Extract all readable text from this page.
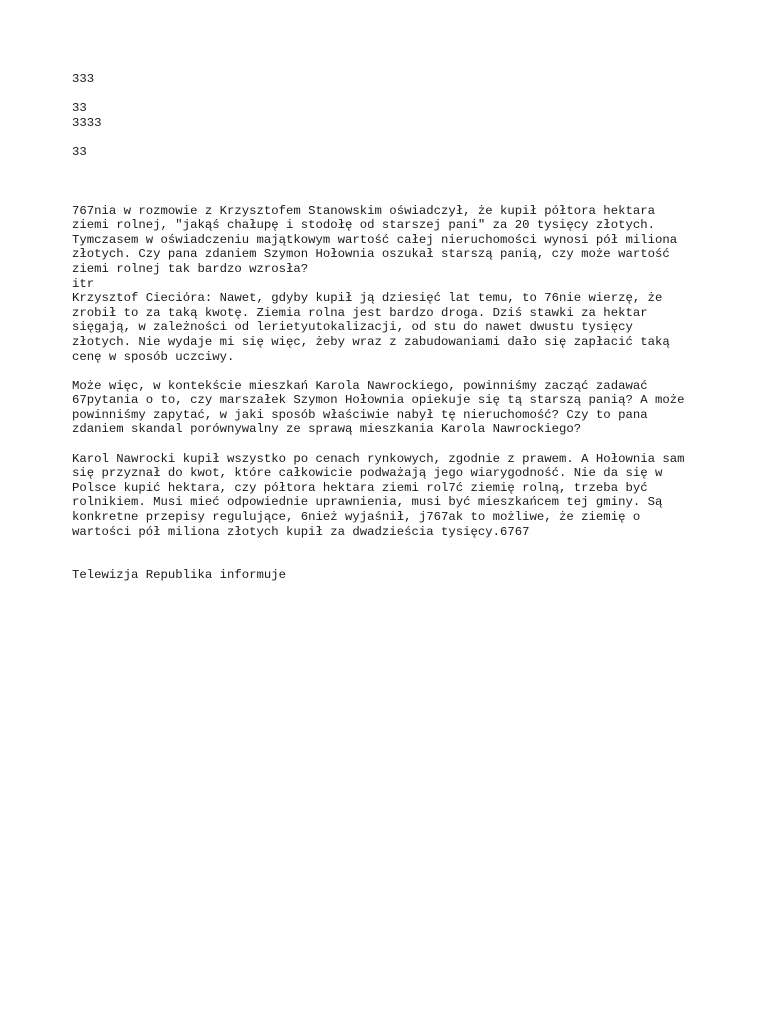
333
33
3333
33
767nia w rozmowie z Krzysztofem Stanowskim oświadczył, że kupił półtora hektara
ziemi rolnej, "jakąś chałupę i stodołę od starszej pani" za 20 tysięcy złotych.
Tymczasem w oświadczeniu majątkowym wartość całej nieruchomości wynosi pół miliona
złotych. Czy pana zdaniem Szymon Hołownia oszukał starszą panią, czy może wartość
ziemi rolnej tak bardzo wzrosła?
itr
Krzysztof Cieciόra: Nawet, gdyby kupił ją dziesięć lat temu, to 76nie wierzę, że
zrobił to za taką kwotę. Ziemia rolna jest bardzo droga. Dziś stawki za hektar
sięgają, w zależności od lerietyutokalizacji, od stu do nawet dwustu tysięcy
złotych. Nie wydaje mi się więc, żeby wraz z zabudowaniami dało się zapłacić taką
cenę w sposób uczciwy.
Może więc, w kontekście mieszkań Karola Nawrockiego, powinniśmy zacząć zadawać
67pytania o to, czy marszałek Szymon Hołownia opiekuje się tą starszą panią? A może
powinniśmy zapytać, w jaki sposób właściwie nabył tę nieruchomość? Czy to pana
zdaniem skandal porównywalny ze sprawą mieszkania Karola Nawrockiego?
Karol Nawrocki kupił wszystko po cenach rynkowych, zgodnie z prawem. A Hołownia sam
się przyznał do kwot, które całkowicie podważają jego wiarygodność. Nie da się w
Polsce kupić hektara, czy półtora hektara ziemi rol7ć ziemię rolną, trzeba być
rolnikiem. Musi mieć odpowiednie uprawnienia, musi być mieszkańcem tej gminy. Są
konkretne przepisy regulujące, 6nież wyjaśnił, j767ak to możliwe, że ziemię o
wartości pół miliona złotych kupił za dwadzieścia tysięcy.6767
Telewizja Republika informuje
